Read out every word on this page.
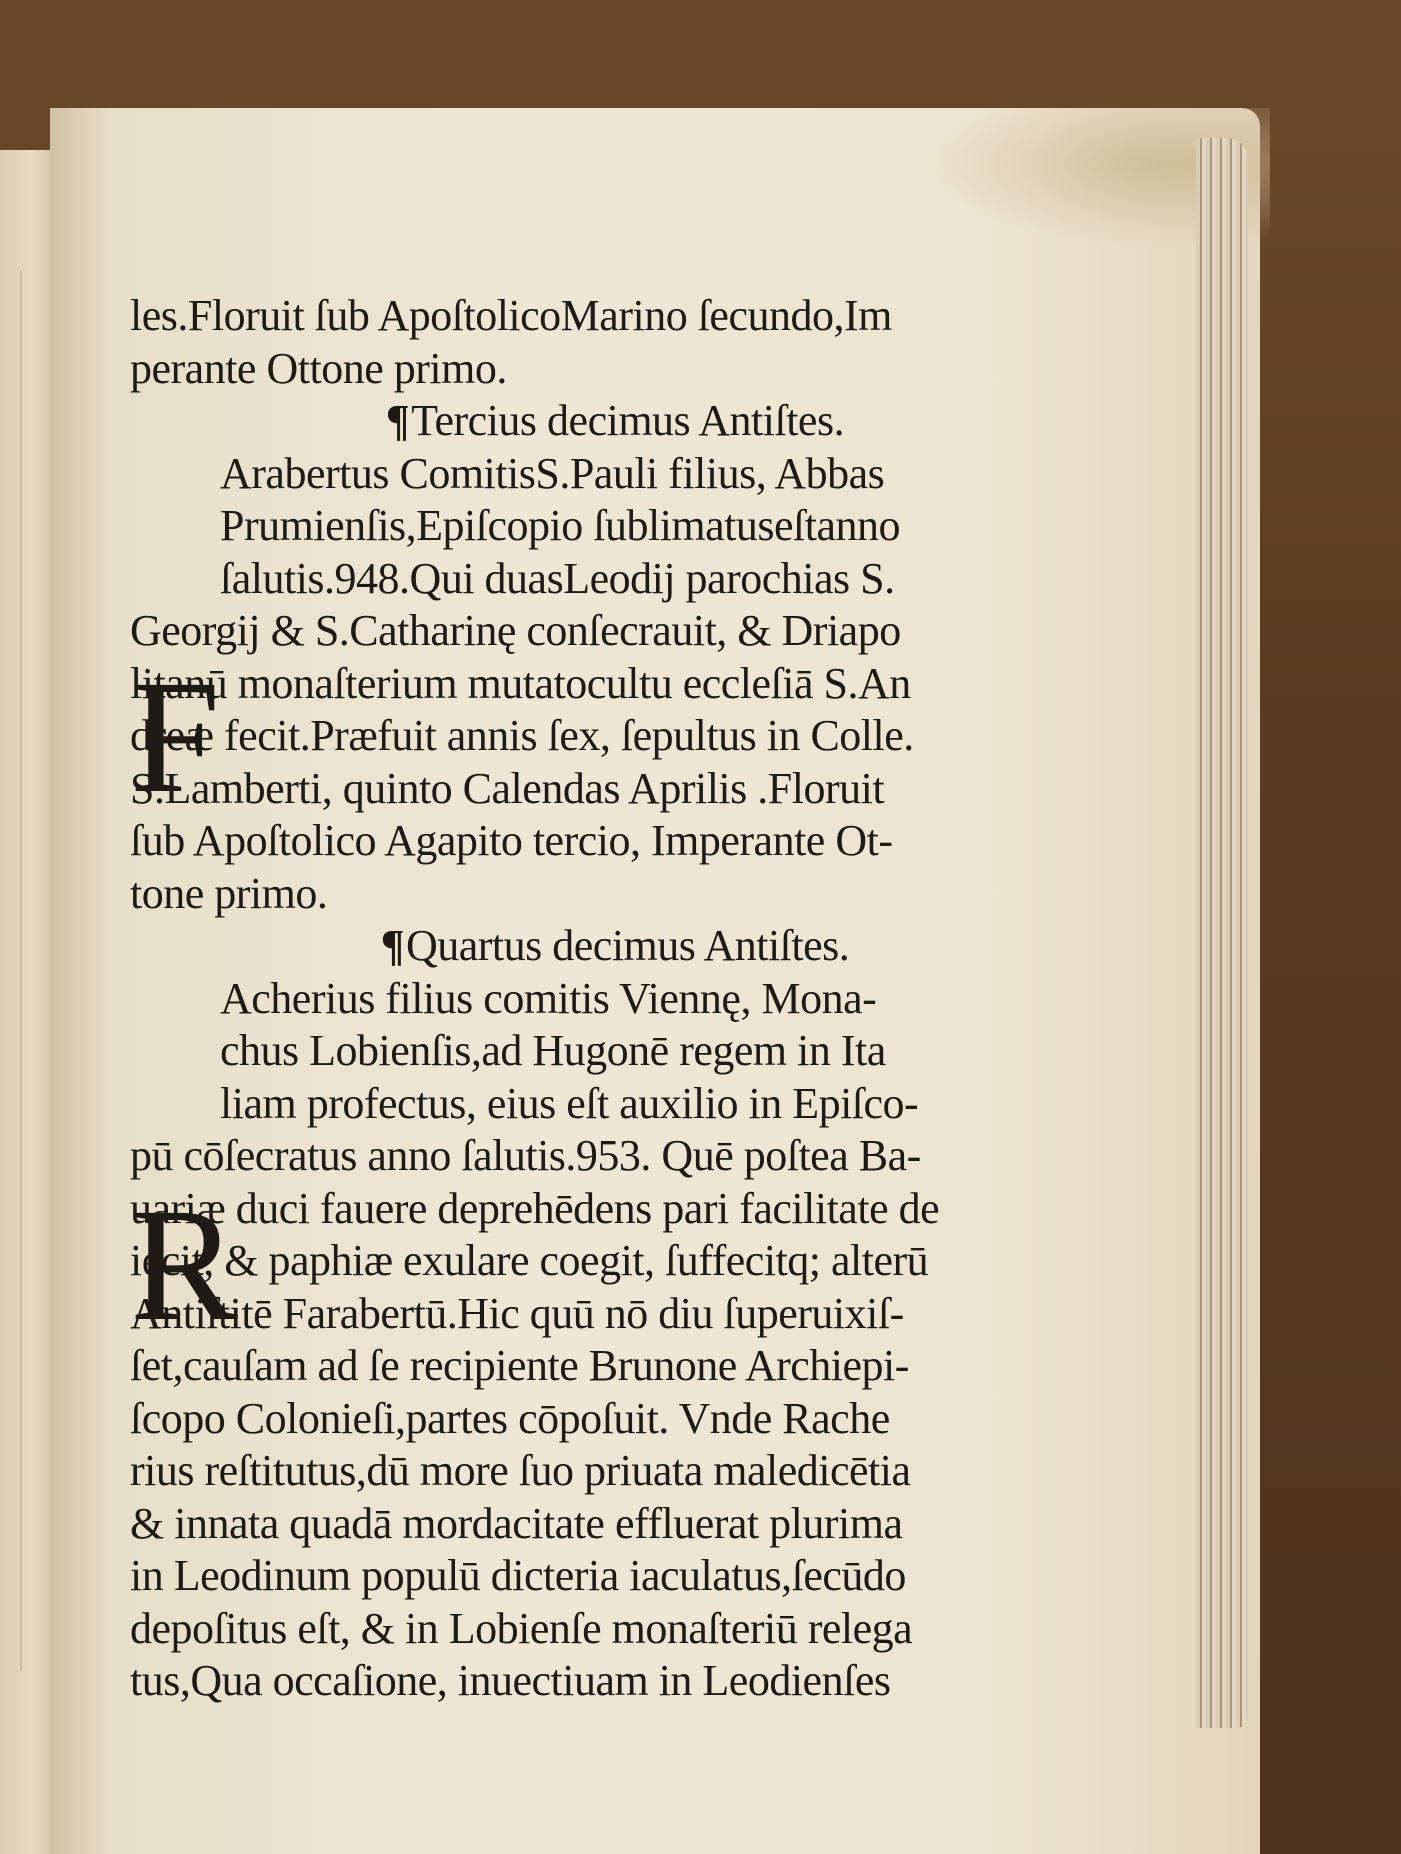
les.Floruit ſub ApoſtolicoMarino ſecundo,Im
perante Ottone primo.
¶Tercius decimus Antiſtes.
F
Arabertus ComitisS.Pauli filius, Abbas
Prumienſis,Epiſcopio ſublimatuseſtanno
ſalutis.948.Qui duasLeodij parochias S.
Georgij & S.Catharinę conſecrauit, & Driapo
litanū monaſterium mutatocultu eccleſiā S.An
dreæ fecit.Præfuit annis ſex, ſepultus in Colle.
S.Lamberti, quinto Calendas Aprilis .Floruit
ſub Apoſtolico Agapito tercio, Imperante Ot-
tone primo.
¶Quartus decimus Antiſtes.
R
Acherius filius comitis Viennę, Mona-
chus Lobienſis,ad Hugonē regem in Ita
liam profectus, eius eſt auxilio in Epiſco-
pū cōſecratus anno ſalutis.953. Quē poſtea Ba-
uariæ duci fauere deprehēdens pari facilitate de
iecit, & paphiæ exulare coegit, ſuffecitq; alterū
Antiſtitē Farabertū.Hic quū nō diu ſuperuixiſ-
ſet,cauſam ad ſe recipiente Brunone Archiepi-
ſcopo Colonieſi,partes cōpoſuit. Vnde Rache
rius reſtitutus,dū more ſuo priuata maledicētia
& innata quadā mordacitate effluerat plurima
in Leodinum populū dicteria iaculatus,ſecūdo
depoſitus eſt, & in Lobienſe monaſteriū relega
tus,Qua occaſione, inuectiuam in Leodienſes
